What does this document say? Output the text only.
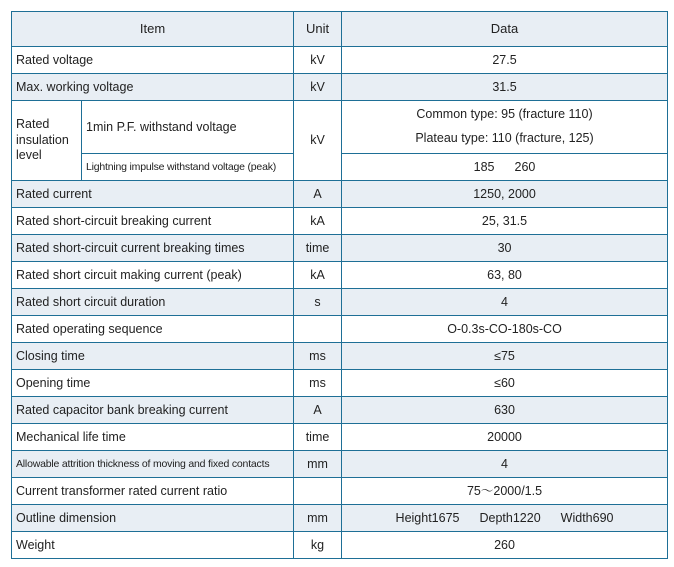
Item		Unit	Data
Rated voltage		kV	27.5
Max. working voltage		kV	31.5
Rated insulation level	1min P.F. withstand voltage	kV	Common type: 95 (fracture 110)
Plateau type: 110 (fracture, 125)

	Lightning impulse withstand voltage (peak)		185 260
Rated current		A	1250, 2000
Rated short-circuit breaking current		kA	25, 31.5
Rated short-circuit current breaking times		time	30
Rated short circuit making current (peak)		kA	63, 80
Rated short circuit duration		s	4
Rated operating sequence			O-0.3s-CO-180s-CO
Closing time		ms	≤75
Opening time		ms	≤60
Rated capacitor bank breaking current		A	630
Mechanical life time		time	20000
Allowable attrition thickness of moving and fixed contacts		mm	4
Current transformer rated current ratio			75～2000/1.5
Outline dimension		mm	Height1675 Depth1220 Width690
Weight		kg	260
